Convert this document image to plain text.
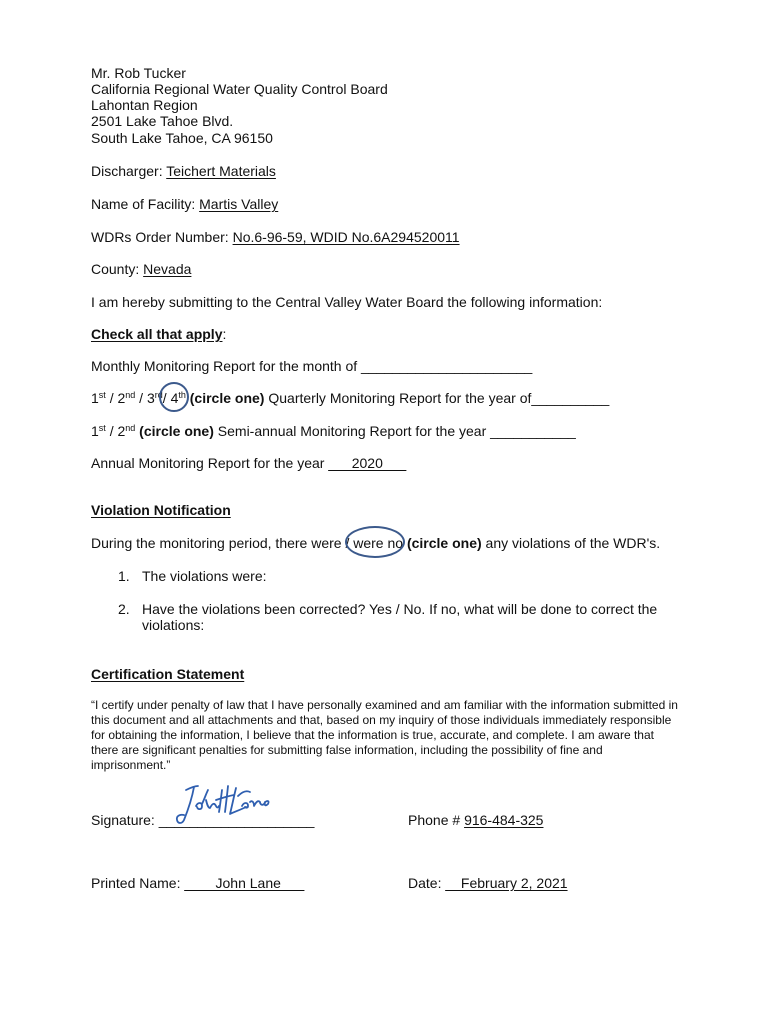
Mr. Rob Tucker
California Regional Water Quality Control Board
Lahontan Region
2501 Lake Tahoe Blvd.
South Lake Tahoe, CA 96150
Discharger: Teichert Materials
Name of Facility: Martis Valley
WDRs Order Number: No.6-96-59, WDID No.6A294520011
County: Nevada
I am hereby submitting to the Central Valley Water Board the following information:
Check all that apply:
Monthly Monitoring Report for the month of ______________________
1st / 2nd / 3rd/ 4th (circle one) Quarterly Monitoring Report for the year of__________
1st / 2nd (circle one) Semi-annual Monitoring Report for the year ___________
Annual Monitoring Report for the year ___2020___
Violation Notification
During the monitoring period, there were / were no (circle one) any violations of the WDR's.
1. The violations were:
2. Have the violations been corrected? Yes / No. If no, what will be done to correct the
violations:
Certification Statement
“I certify under penalty of law that I have personally examined and am familiar with the information submitted in this document and all attachments and that, based on my inquiry of those individuals immediately responsible for obtaining the information, I believe that the information is true, accurate, and complete. I am aware that there are significant penalties for submitting false information, including the possibility of fine and imprisonment.”
Signature: ____________________	Phone # 916-484-325
Printed Name: ____John Lane___	Date: __February 2, 2021
